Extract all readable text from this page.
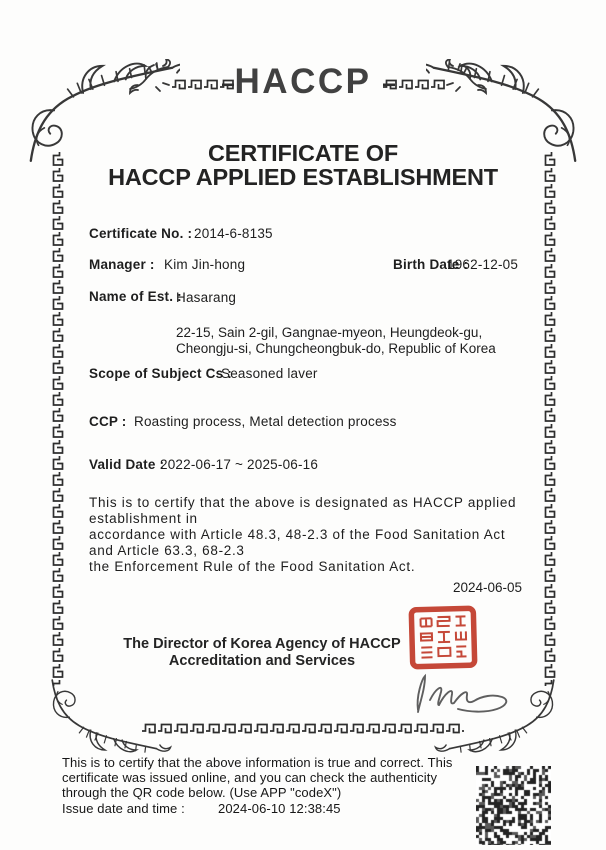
HACCP
CERTIFICATE OF
HACCP APPLIED ESTABLISHMENT
Certificate No. : 2014-6-8135
Manager : Kim Jin-hong	Birth Date :
1962-12-05
Name of Est. :
Hasarang
22-15, Sain 2-gil, Gangnae-myeon, Heungdeok-gu,
Cheongju-si, Chungcheongbuk-do, Republic of Korea
Scope of Subject Cs :
Seasoned laver
CCP : Roasting process, Metal detection process
Valid Date :
2022-06-17 ~ 2025-06-16
This is to certify that the above is designated as HACCP applied
establishment in
accordance with Article 48.3, 48-2.3 of the Food Sanitation Act
and Article 63.3, 68-2.3
the Enforcement Rule of the Food Sanitation Act.
2024-06-05
The Director of Korea Agency of HACCP
Accreditation and Services
This is to certify that the above information is true and correct. This
certificate was issued online, and you can check the authenticity
through the QR code below. (Use APP "codeX")
Issue date and time :	2024-06-10 12:38:45
